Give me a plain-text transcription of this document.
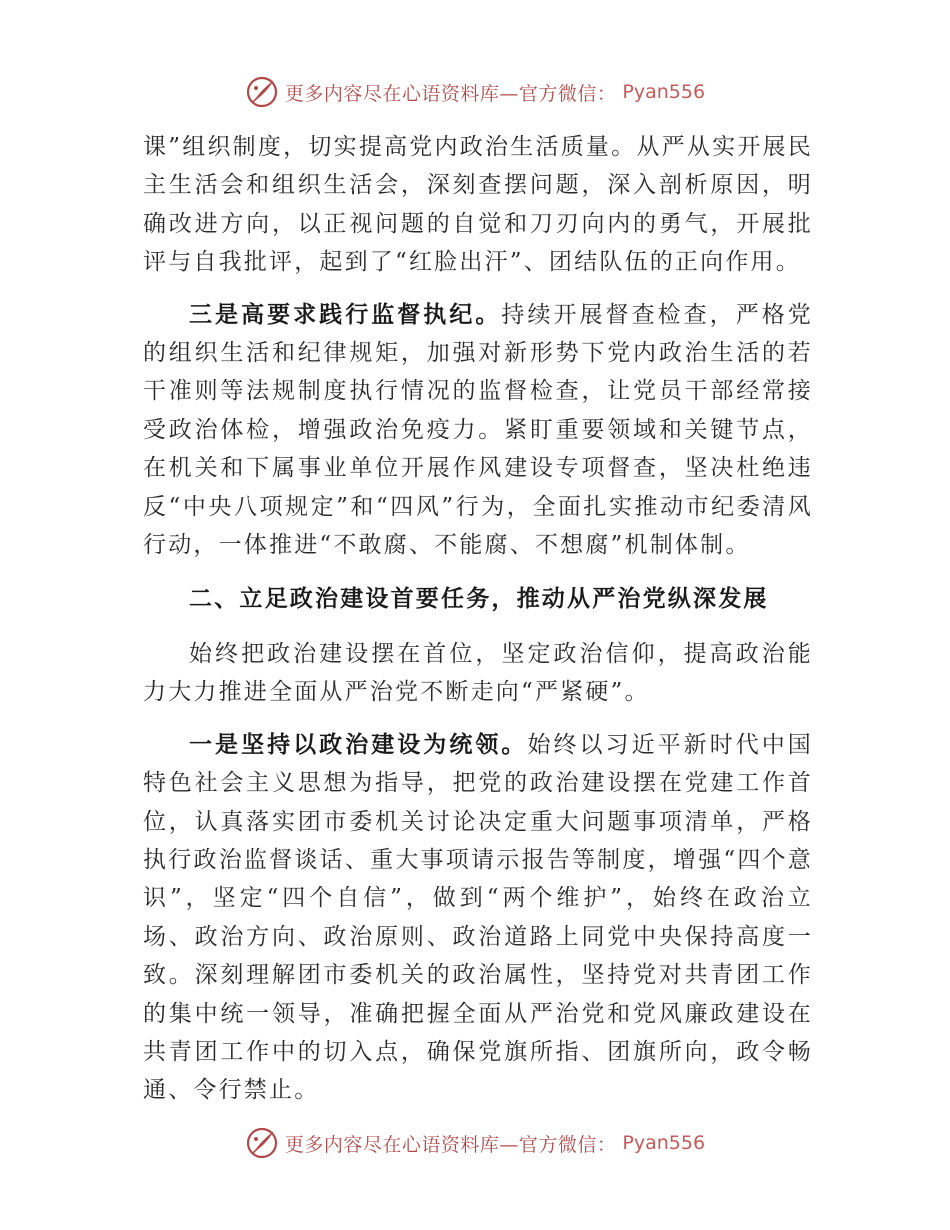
更多内容尽在心语资料库—官方微信： Pyan556

课”组织制度，切实提高党内政治生活质量。从严从实开展民主生活会和组织生活会，深刻查摆问题，深入剖析原因，明确改进方向，以正视问题的自觉和刀刃向内的勇气，开展批评与自我批评，起到了“红脸出汗”、团结队伍的正向作用。

三是高要求践行监督执纪。持续开展督查检查，严格党的组织生活和纪律规矩，加强对新形势下党内政治生活的若干准则等法规制度执行情况的监督检查，让党员干部经常接受政治体检，增强政治免疫力。紧盯重要领域和关键节点，在机关和下属事业单位开展作风建设专项督查，坚决杜绝违反“中央八项规定”和“四风”行为，全面扎实推动市纪委清风行动，一体推进“不敢腐、不能腐、不想腐”机制体制。

二、立足政治建设首要任务，推动从严治党纵深发展

始终把政治建设摆在首位，坚定政治信仰，提高政治能力大力推进全面从严治党不断走向“严紧硬”。

一是坚持以政治建设为统领。始终以习近平新时代中国特色社会主义思想为指导，把党的政治建设摆在党建工作首位，认真落实团市委机关讨论决定重大问题事项清单，严格执行政治监督谈话、重大事项请示报告等制度，增强“四个意识”，坚定“四个自信”，做到“两个维护”，始终在政治立场、政治方向、政治原则、政治道路上同党中央保持高度一致。深刻理解团市委机关的政治属性，坚持党对共青团工作的集中统一领导，准确把握全面从严治党和党风廉政建设在共青团工作中的切入点，确保党旗所指、团旗所向，政令畅通、令行禁止。

更多内容尽在心语资料库—官方微信： Pyan556
